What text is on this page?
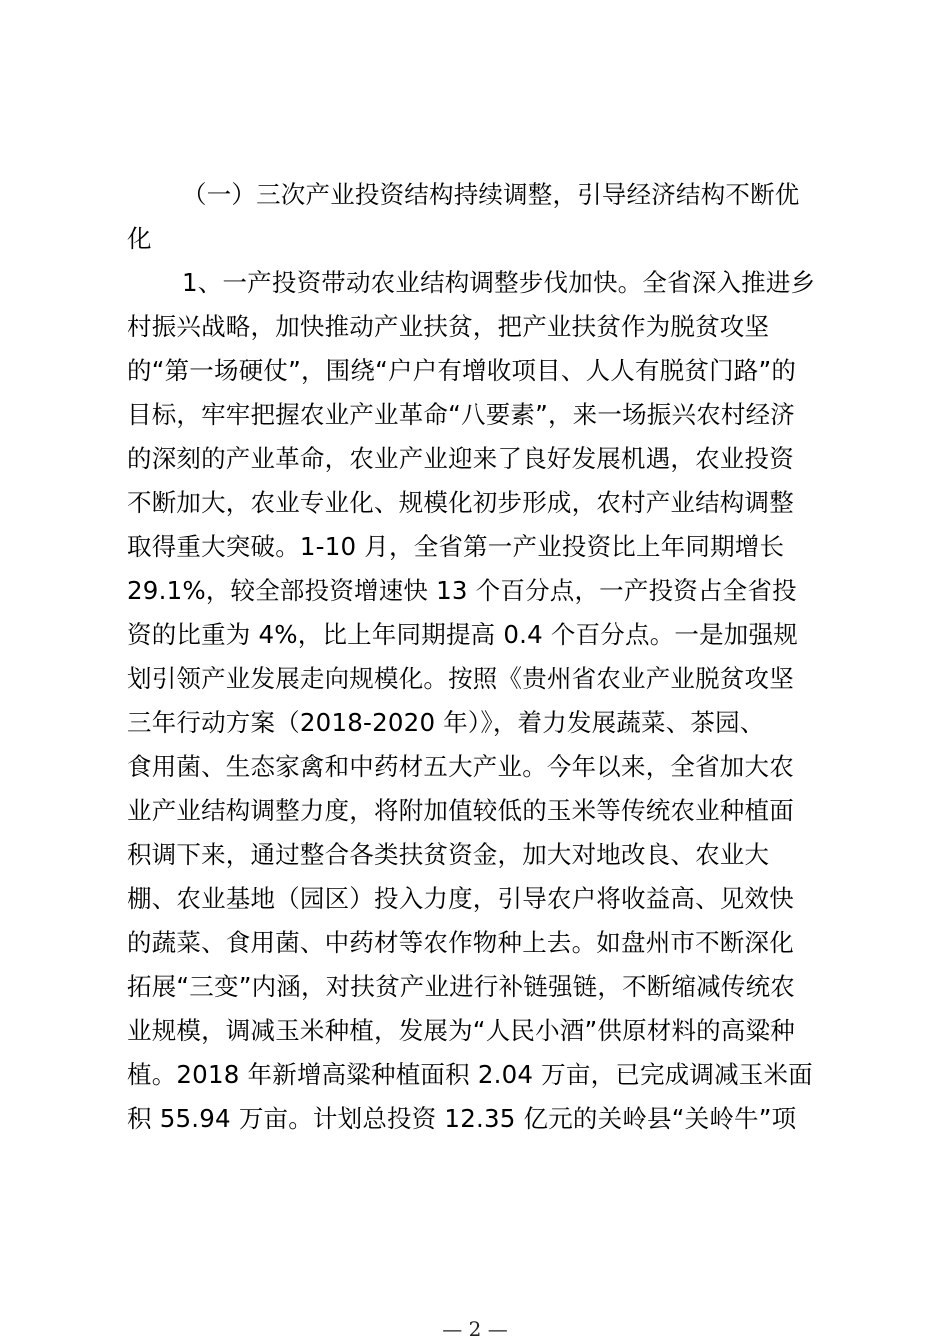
（一）三次产业投资结构持续调整，引导经济结构不断优
化
1、一产投资带动农业结构调整步伐加快。全省深入推进乡
村振兴战略，加快推动产业扶贫，把产业扶贫作为脱贫攻坚
的“第一场硬仗”，围绕“户户有增收项目、人人有脱贫门路”的
目标，牢牢把握农业产业革命“八要素”，来一场振兴农村经济
的深刻的产业革命，农业产业迎来了良好发展机遇，农业投资
不断加大，农业专业化、规模化初步形成，农村产业结构调整
取得重大突破。1-10 月，全省第一产业投资比上年同期增长
29.1%，较全部投资增速快 13 个百分点，一产投资占全省投
资的比重为 4%，比上年同期提高 0.4 个百分点。一是加强规
划引领产业发展走向规模化。按照《贵州省农业产业脱贫攻坚
三年行动方案（2018-2020 年）》，着力发展蔬菜、茶园、
食用菌、生态家禽和中药材五大产业。今年以来，全省加大农
业产业结构调整力度，将附加值较低的玉米等传统农业种植面
积调下来，通过整合各类扶贫资金，加大对地改良、农业大
棚、农业基地（园区）投入力度，引导农户将收益高、见效快
的蔬菜、食用菌、中药材等农作物种上去。如盘州市不断深化
拓展“三变”内涵，对扶贫产业进行补链强链，不断缩减传统农
业规模，调减玉米种植，发展为“人民小酒”供原材料的高粱种
植。2018 年新增高粱种植面积 2.04 万亩，已完成调减玉米面
积 55.94 万亩。计划总投资 12.35 亿元的关岭县“关岭牛”项
— 2 —
